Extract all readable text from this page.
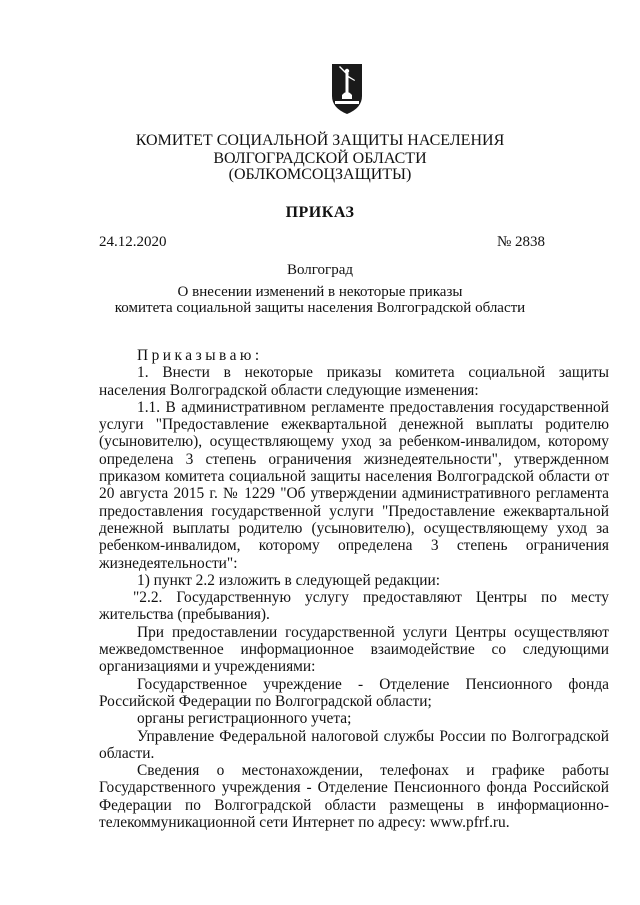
КОМИТЕТ СОЦИАЛЬНОЙ ЗАЩИТЫ НАСЕЛЕНИЯ
ВОЛГОГРАДСКОЙ ОБЛАСТИ
(ОБЛКОМСОЦЗАЩИТЫ)
ПРИКАЗ
24.12.2020	№ 2838
Волгоград
О внесении изменений в некоторые приказы
комитета социальной защиты населения Волгоградской области

Приказываю:

1. Внести в некоторые приказы комитета социальной защиты населения Волгоградской области следующие изменения:

1.1. В административном регламенте предоставления государственной услуги "Предоставление ежеквартальной денежной выплаты родителю (усыновителю), осуществляющему уход за ребенком-инвалидом, которому определена 3 степень ограничения жизнедеятельности", утвержденном приказом комитета социальной защиты населения Волгоградской области от 20 августа 2015 г. № 1229 "Об утверждении административного регламента предоставления государственной услуги "Предоставление ежеквартальной денежной выплаты родителю (усыновителю), осуществляющему уход за ребенком-инвалидом, которому определена 3 степень ограничения жизнедеятельности":

1) пункт 2.2 изложить в следующей редакции:

"2.2. Государственную услугу предоставляют Центры по месту жительства (пребывания).

При предоставлении государственной услуги Центры осуществляют межведомственное информационное взаимодействие со следующими организациями и учреждениями:

Государственное учреждение - Отделение Пенсионного фонда Российской Федерации по Волгоградской области;

органы регистрационного учета;

Управление Федеральной налоговой службы России по Волгоградской области.

Сведения о местонахождении, телефонах и графике работы Государственного учреждения - Отделение Пенсионного фонда Российской Федерации по Волгоградской области размещены в информационно-телекоммуникационной сети Интернет по адресу: www.pfrf.ru.
